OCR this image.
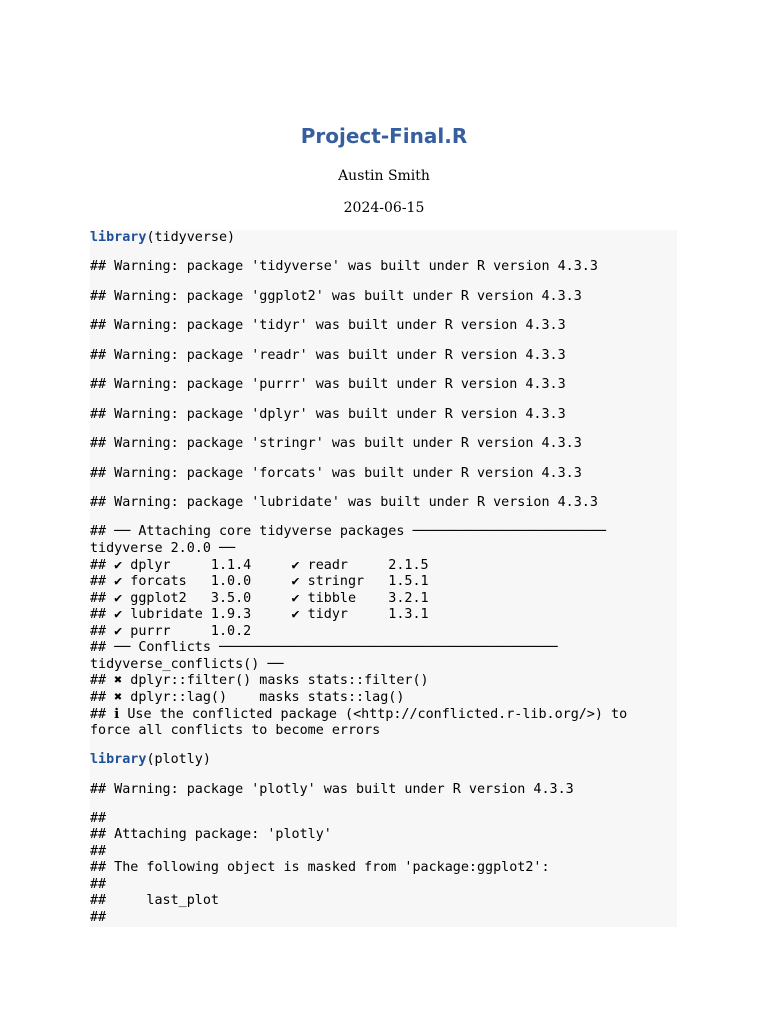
Project-Final.R
Austin Smith
2024-06-15
library(tidyverse)
## Warning: package 'tidyverse' was built under R version 4.3.3
## Warning: package 'ggplot2' was built under R version 4.3.3
## Warning: package 'tidyr' was built under R version 4.3.3
## Warning: package 'readr' was built under R version 4.3.3
## Warning: package 'purrr' was built under R version 4.3.3
## Warning: package 'dplyr' was built under R version 4.3.3
## Warning: package 'stringr' was built under R version 4.3.3
## Warning: package 'forcats' was built under R version 4.3.3
## Warning: package 'lubridate' was built under R version 4.3.3
## ── Attaching core tidyverse packages ────────────────────────
tidyverse 2.0.0 ──
## ✔ dplyr     1.1.4     ✔ readr     2.1.5
## ✔ forcats   1.0.0     ✔ stringr   1.5.1
## ✔ ggplot2   3.5.0     ✔ tibble    3.2.1
## ✔ lubridate 1.9.3     ✔ tidyr     1.3.1
## ✔ purrr     1.0.2
## ── Conflicts ──────────────────────────────────────────
tidyverse_conflicts() ──
## ✖ dplyr::filter() masks stats::filter()
## ✖ dplyr::lag()    masks stats::lag()
## ℹ Use the conflicted package (<http://conflicted.r-lib.org/>) to
force all conflicts to become errors
library(plotly)
## Warning: package 'plotly' was built under R version 4.3.3
##
## Attaching package: 'plotly'
##
## The following object is masked from 'package:ggplot2':
##
##     last_plot
##
